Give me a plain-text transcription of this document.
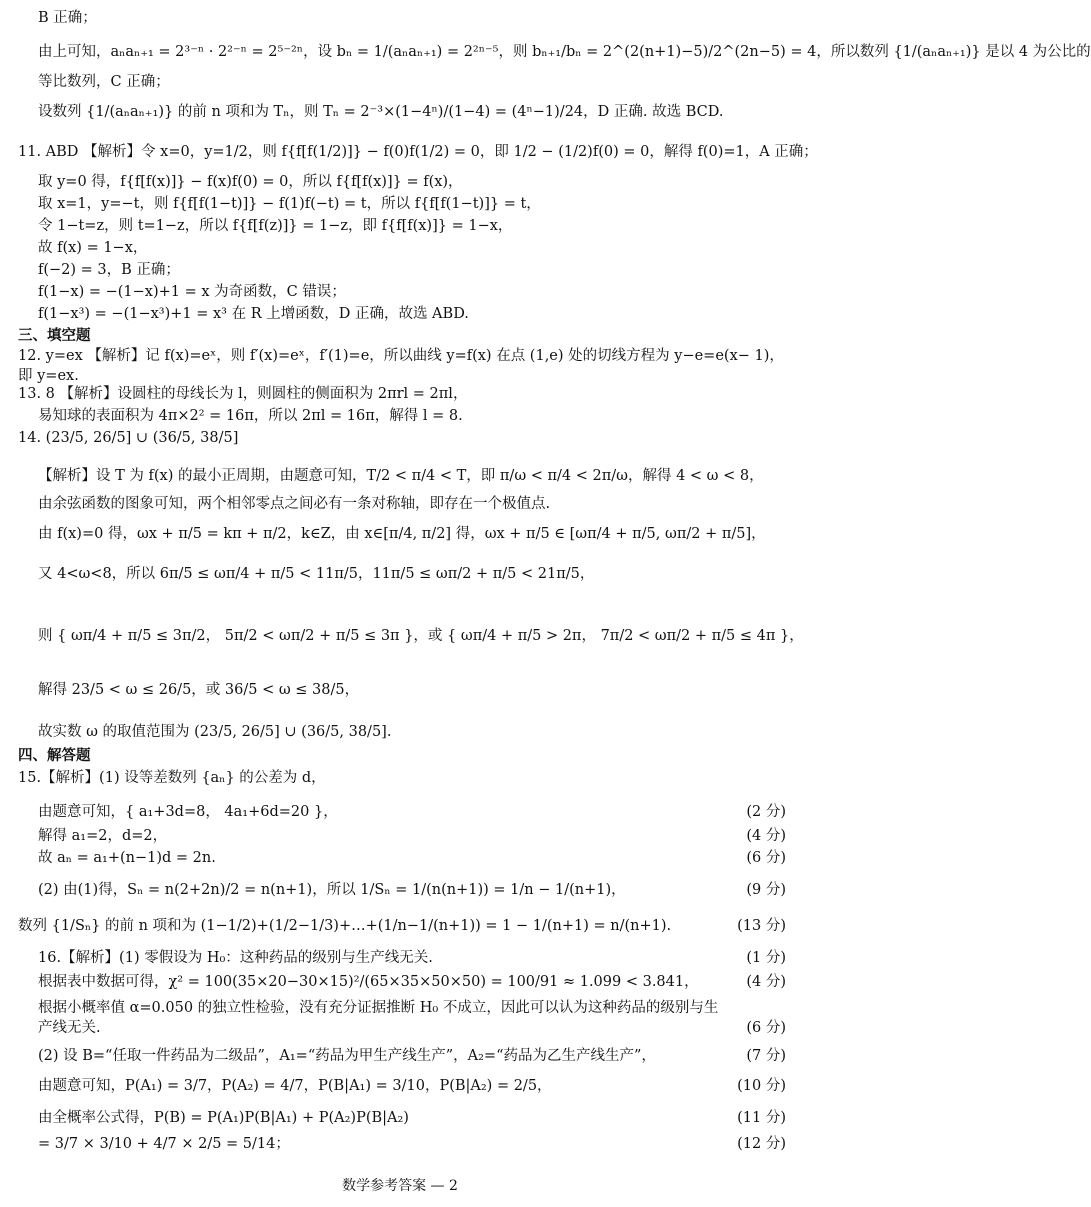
B 正确；
由上可知，aₙaₙ₊₁ = 2³⁻ⁿ · 2²⁻ⁿ = 2⁵⁻²ⁿ，设 bₙ = 1/(aₙaₙ₊₁) = 2²ⁿ⁻⁵，则 bₙ₊₁/bₙ = 2^(2(n+1)−5)/2^(2n−5) = 4，所以数列 {1/(aₙaₙ₊₁)} 是以 4 为公比的
等比数列，C 正确；
设数列 {1/(aₙaₙ₊₁)} 的前 n 项和为 Tₙ，则 Tₙ = 2⁻³×(1−4ⁿ)/(1−4) = (4ⁿ−1)/24，D 正确. 故选 BCD.
11. ABD 【解析】令 x=0，y=1/2，则 f{f[f(1/2)]} − f(0)f(1/2) = 0，即 1/2 − (1/2)f(0) = 0，解得 f(0)=1，A 正确；
取 y=0 得，f{f[f(x)]} − f(x)f(0) = 0，所以 f{f[f(x)]} = f(x)，
取 x=1，y=−t，则 f{f[f(1−t)]} − f(1)f(−t) = t，所以 f{f[f(1−t)]} = t，
令 1−t=z，则 t=1−z，所以 f{f[f(z)]} = 1−z，即 f{f[f(x)]} = 1−x，
故 f(x) = 1−x，
f(−2) = 3，B 正确；
f(1−x) = −(1−x)+1 = x 为奇函数，C 错误；
f(1−x³) = −(1−x³)+1 = x³ 在 R 上增函数，D 正确，故选 ABD.
三、填空题
12. y=ex 【解析】记 f(x)=eˣ，则 f′(x)=eˣ，f′(1)=e，所以曲线 y=f(x) 在点 (1,e) 处的切线方程为 y−e=e(x− 1)，即 y=ex.
13. 8 【解析】设圆柱的母线长为 l，则圆柱的侧面积为 2πrl = 2πl，
易知球的表面积为 4π×2² = 16π，所以 2πl = 16π，解得 l = 8.
14. (23/5, 26/5] ∪ (36/5, 38/5]
【解析】设 T 为 f(x) 的最小正周期，由题意可知，T/2 < π/4 < T，即 π/ω < π/4 < 2π/ω，解得 4 < ω < 8，
由余弦函数的图象可知，两个相邻零点之间必有一条对称轴，即存在一个极值点.
由 f(x)=0 得，ωx + π/5 = kπ + π/2，k∈Z，由 x∈[π/4, π/2] 得，ωx + π/5 ∈ [ωπ/4 + π/5, ωπ/2 + π/5]，
又 4<ω<8，所以 6π/5 ≤ ωπ/4 + π/5 < 11π/5，11π/5 ≤ ωπ/2 + π/5 < 21π/5，
则 { ωπ/4 + π/5 ≤ 3π/2， 5π/2 < ωπ/2 + π/5 ≤ 3π }，或 { ωπ/4 + π/5 > 2π， 7π/2 < ωπ/2 + π/5 ≤ 4π }，
解得 23/5 < ω ≤ 26/5，或 36/5 < ω ≤ 38/5，
故实数 ω 的取值范围为 (23/5, 26/5] ∪ (36/5, 38/5].
四、解答题
15.【解析】(1) 设等差数列 {aₙ} 的公差为 d，
由题意可知，{ a₁+3d=8， 4a₁+6d=20 }，	(2 分)
解得 a₁=2，d=2，	(4 分)
故 aₙ = a₁+(n−1)d = 2n.	(6 分)
(2) 由(1)得，Sₙ = n(2+2n)/2 = n(n+1)，所以 1/Sₙ = 1/(n(n+1)) = 1/n − 1/(n+1)，	(9 分)
数列 {1/Sₙ} 的前 n 项和为 (1−1/2)+(1/2−1/3)+…+(1/n−1/(n+1)) = 1 − 1/(n+1) = n/(n+1).	(13 分)
16.【解析】(1) 零假设为 H₀：这种药品的级别与生产线无关.	(1 分)
根据表中数据可得，χ² = 100(35×20−30×15)²/(65×35×50×50) = 100/91 ≈ 1.099 < 3.841，	(4 分)
根据小概率值 α=0.050 的独立性检验，没有充分证据推断 H₀ 不成立，因此可以认为这种药品的级别与生产线无关.	(6 分)
(2) 设 B=“任取一件药品为二级品”，A₁=“药品为甲生产线生产”，A₂=“药品为乙生产线生产”，	(7 分)
由题意可知，P(A₁) = 3/7，P(A₂) = 4/7，P(B|A₁) = 3/10，P(B|A₂) = 2/5，	(10 分)
由全概率公式得，P(B) = P(A₁)P(B|A₁) + P(A₂)P(B|A₂)	(11 分)
= 3/7 × 3/10 + 4/7 × 2/5 = 5/14；	(12 分)
数学参考答案 — 2
